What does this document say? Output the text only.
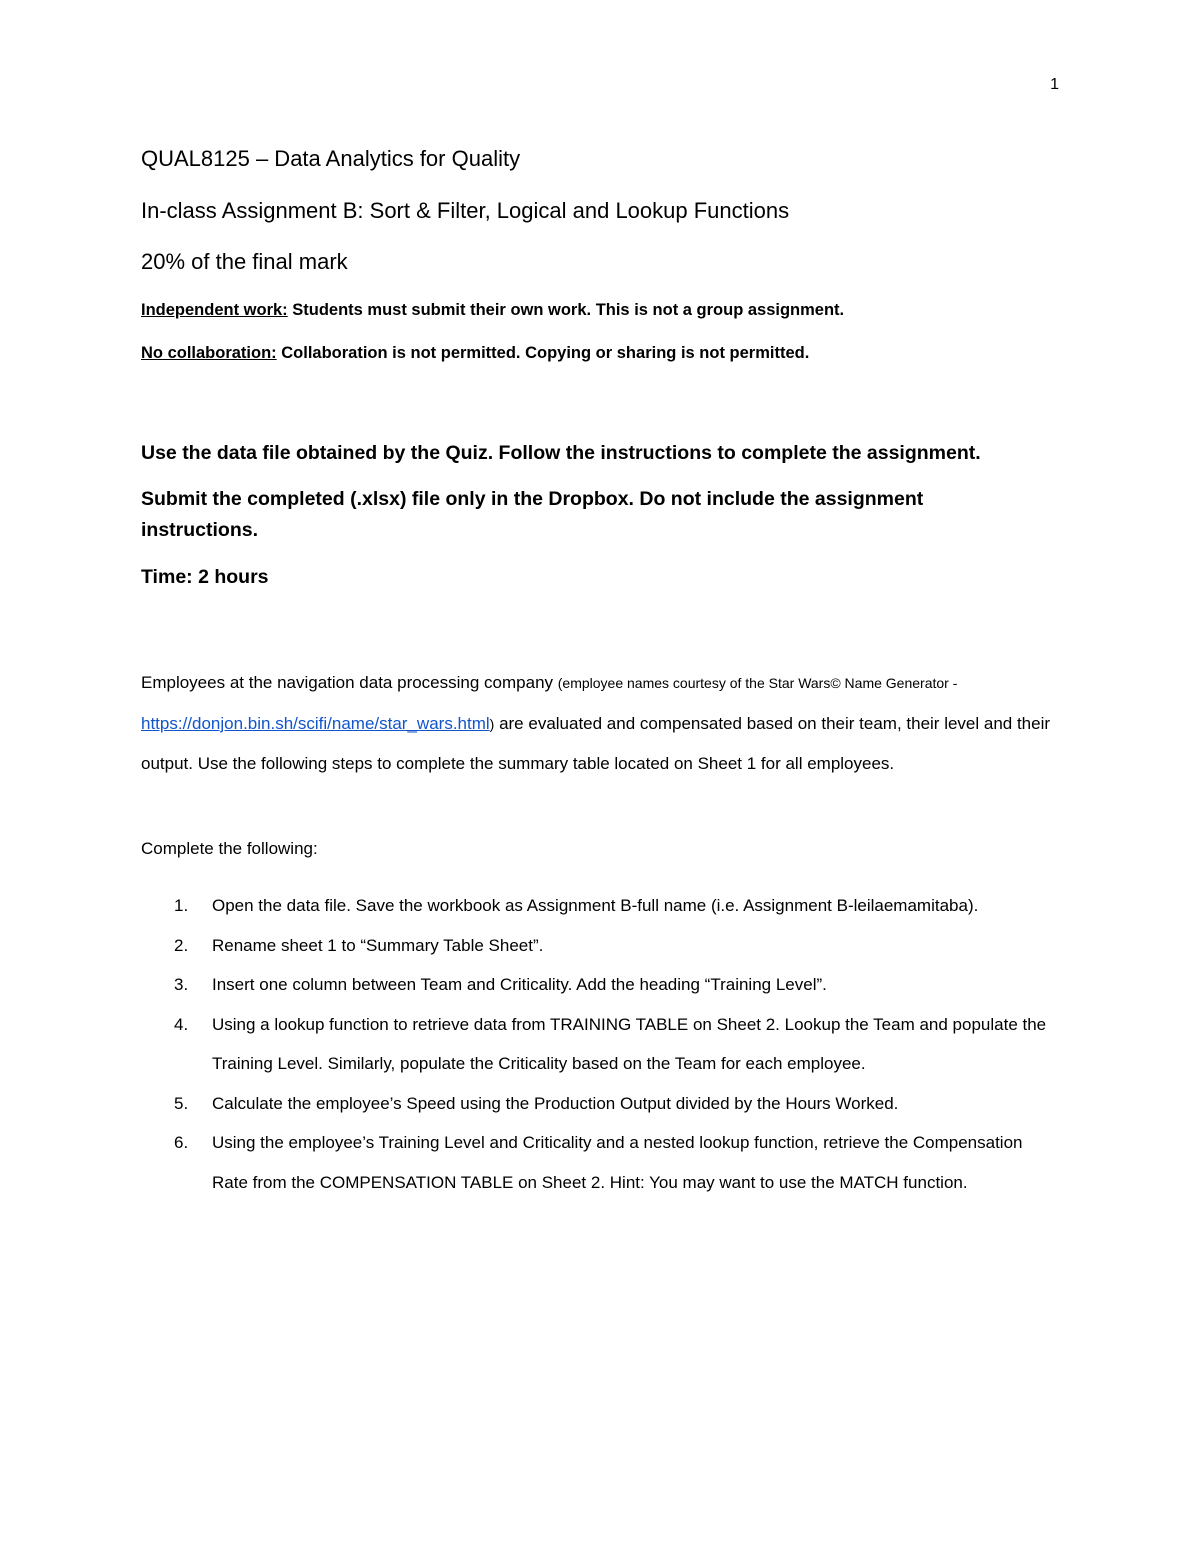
1
QUAL8125 – Data Analytics for Quality
In-class Assignment B: Sort & Filter, Logical and Lookup Functions
20% of the final mark
Independent work: Students must submit their own work. This is not a group assignment.
No collaboration: Collaboration is not permitted. Copying or sharing is not permitted.
Use the data file obtained by the Quiz. Follow the instructions to complete the assignment.
Submit the completed (.xlsx) file only in the Dropbox. Do not include the assignment instructions.
Time: 2 hours
Employees at the navigation data processing company (employee names courtesy of the Star Wars© Name Generator - https://donjon.bin.sh/scifi/name/star_wars.html) are evaluated and compensated based on their team, their level and their output. Use the following steps to complete the summary table located on Sheet 1 for all employees.
Complete the following:
1. Open the data file. Save the workbook as Assignment B-full name (i.e. Assignment B-leilaemamitaba).
2. Rename sheet 1 to “Summary Table Sheet”.
3. Insert one column between Team and Criticality. Add the heading “Training Level”.
4. Using a lookup function to retrieve data from TRAINING TABLE on Sheet 2. Lookup the Team and populate the Training Level. Similarly, populate the Criticality based on the Team for each employee.
5. Calculate the employee’s Speed using the Production Output divided by the Hours Worked.
6. Using the employee’s Training Level and Criticality and a nested lookup function, retrieve the Compensation Rate from the COMPENSATION TABLE on Sheet 2. Hint: You may want to use the MATCH function.
